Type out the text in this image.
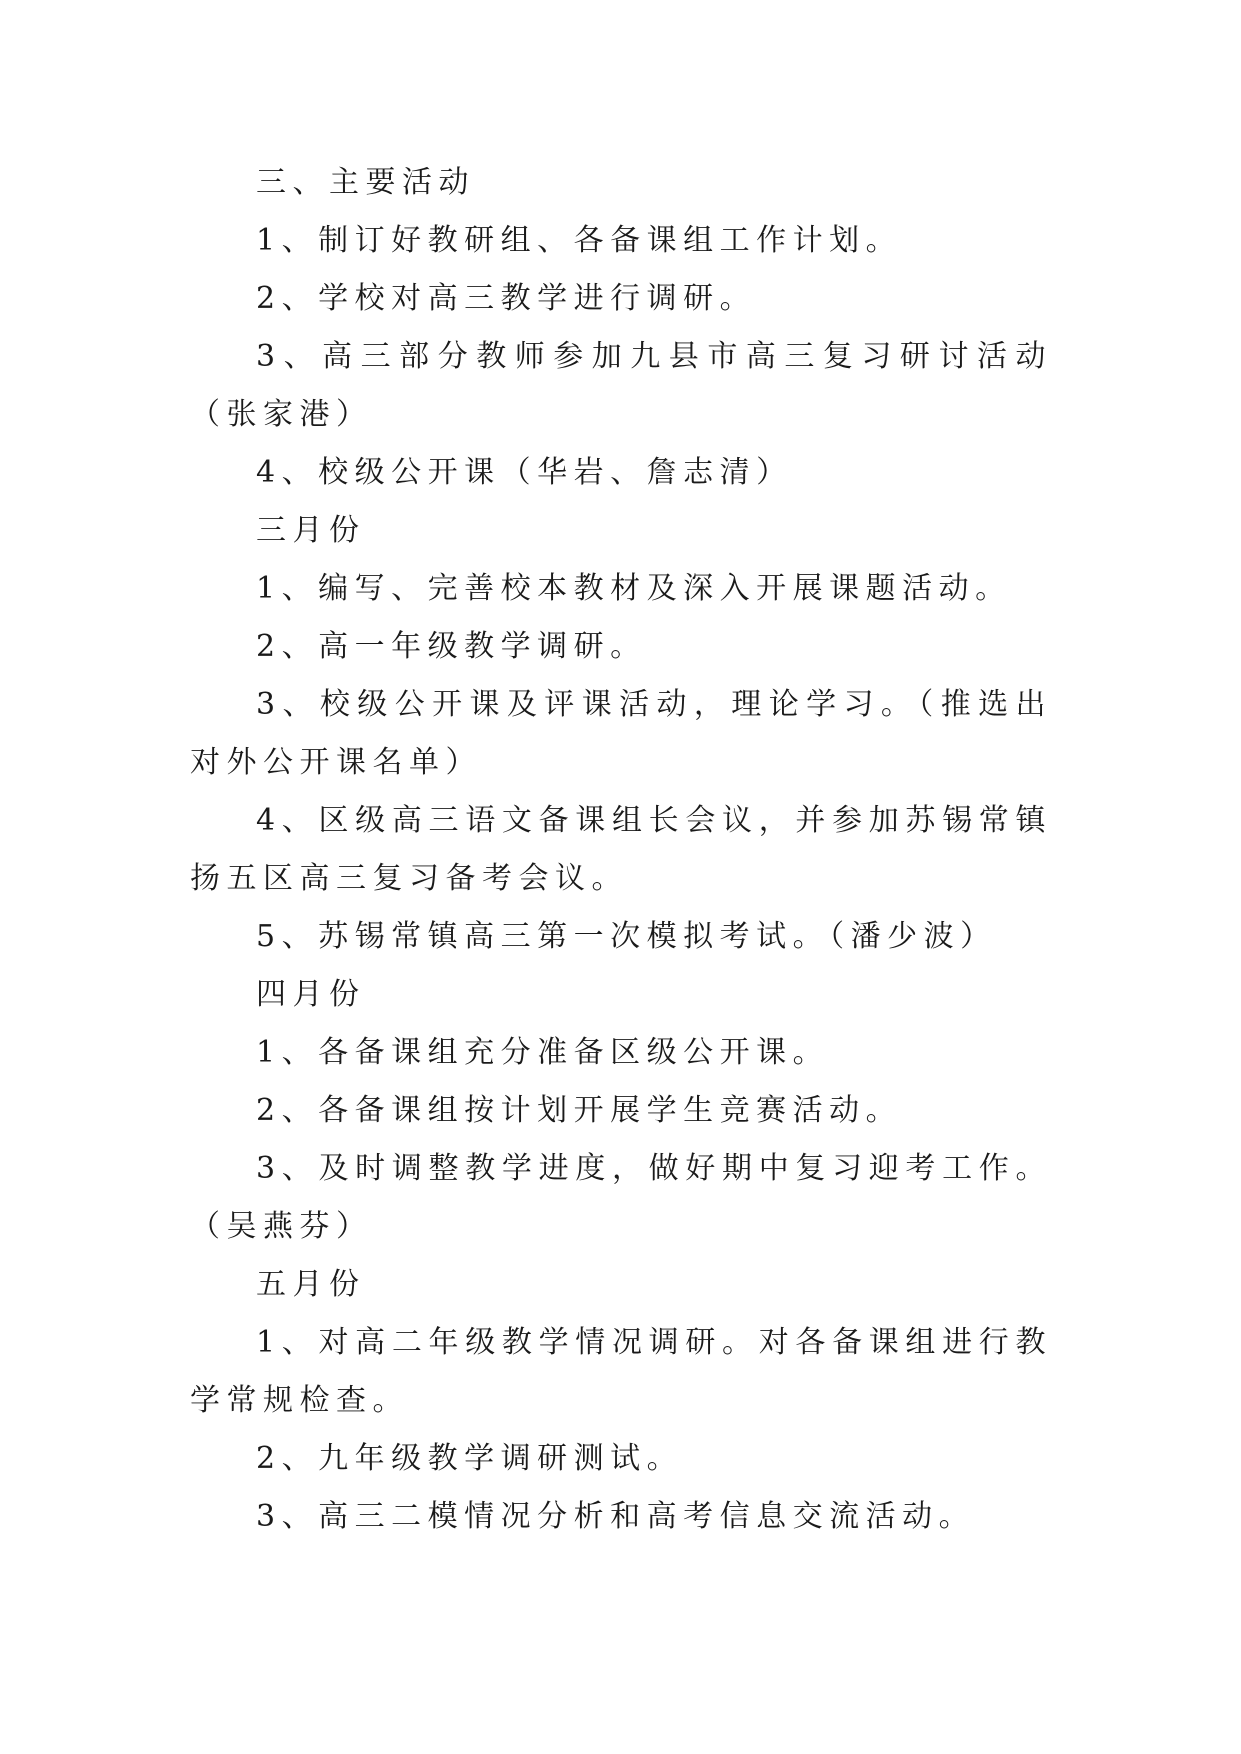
三、主要活动

1、制订好教研组、各备课组工作计划。

2、学校对高三教学进行调研。

3、高三部分教师参加九县市高三复习研讨活动（张家港）

4、校级公开课（华岩、詹志清）

三月份

1、编写、完善校本教材及深入开展课题活动。

2、高一年级教学调研。

3、校级公开课及评课活动，理论学习。（推选出对外公开课名单）

4、区级高三语文备课组长会议，并参加苏锡常镇扬五区高三复习备考会议。

5、苏锡常镇高三第一次模拟考试。（潘少波）

四月份

1、各备课组充分准备区级公开课。

2、各备课组按计划开展学生竞赛活动。

3、及时调整教学进度，做好期中复习迎考工作。（吴燕芬）

五月份

1、对高二年级教学情况调研。对各备课组进行教学常规检查。

2、九年级教学调研测试。

3、高三二模情况分析和高考信息交流活动。
